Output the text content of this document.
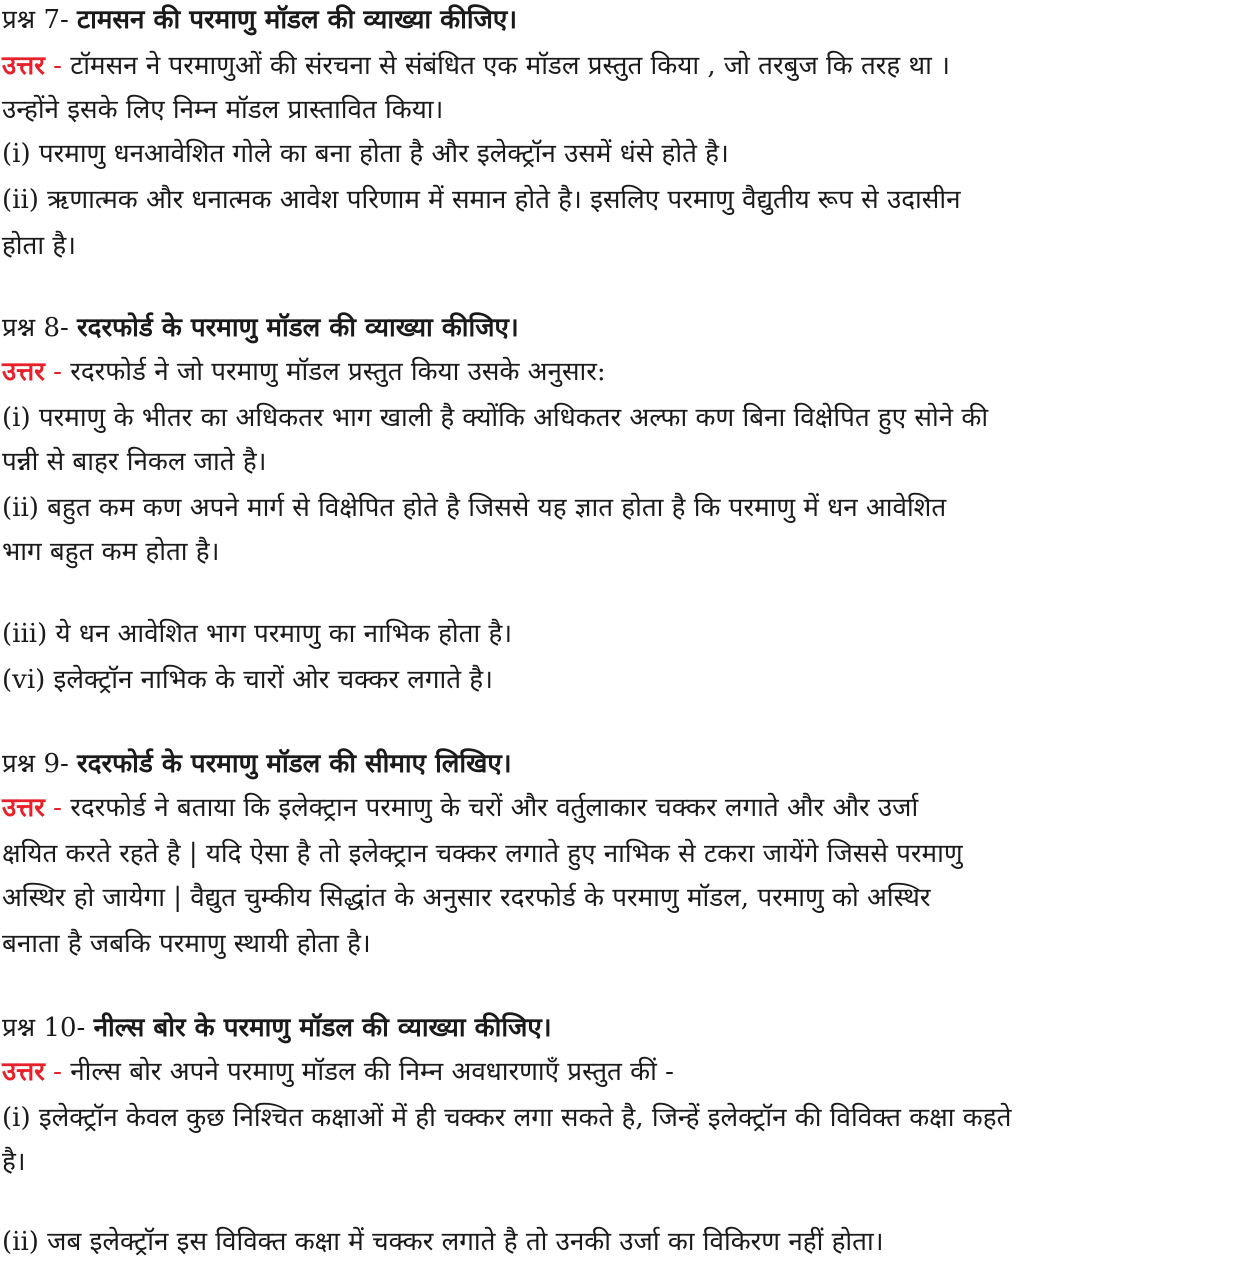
प्रश्न 7- टामसन की परमाणु मॉडल की व्याख्या कीजिए।
उत्तर - टॉमसन ने परमाणुओं की संरचना से संबंधित एक मॉडल प्रस्तुत किया , जो तरबुज कि तरह था ।
उन्होंने इसके लिए निम्न मॉडल प्रास्तावित किया।
(i) परमाणु धनआवेशित गोले का बना होता है और इलेक्ट्रॉन उसमें धंसे होते है।
(ii) ऋणात्मक और धनात्मक आवेश परिणाम में समान होते है। इसलिए परमाणु वैद्युतीय रूप से उदासीन
होता है।
प्रश्न 8- रदरफोर्ड के परमाणु मॉडल की व्याख्या कीजिए।
उत्तर - रदरफोर्ड ने जो परमाणु मॉडल प्रस्तुत किया उसके अनुसार:
(i) परमाणु के भीतर का अधिकतर भाग खाली है क्योंकि अधिकतर अल्फा कण बिना विक्षेपित हुए सोने की
पन्नी से बाहर निकल जाते है।
(ii) बहुत कम कण अपने मार्ग से विक्षेपित होते है जिससे यह ज्ञात होता है कि परमाणु में धन आवेशित
भाग बहुत कम होता है।
(iii) ये धन आवेशित भाग परमाणु का नाभिक होता है।
(vi) इलेक्ट्रॉन नाभिक के चारों ओर चक्कर लगाते है।
प्रश्न 9- रदरफोर्ड के परमाणु मॉडल की सीमाए लिखिए।
उत्तर - रदरफोर्ड ने बताया कि इलेक्ट्रान परमाणु के चरों और वर्तुलाकार चक्कर लगाते और और उर्जा
क्षयित करते रहते है | यदि ऐसा है तो इलेक्ट्रान चक्कर लगाते हुए नाभिक से टकरा जायेंगे जिससे परमाणु
अस्थिर हो जायेगा | वैद्युत चुम्कीय सिद्धांत के अनुसार रदरफोर्ड के परमाणु मॉडल, परमाणु को अस्थिर
बनाता है जबकि परमाणु स्थायी होता है।
प्रश्न 10- नील्स बोर के परमाणु मॉडल की व्याख्या कीजिए।
उत्तर - नील्स बोर अपने परमाणु मॉडल की निम्न अवधारणाएँ प्रस्तुत कीं -
(i) इलेक्ट्रॉन केवल कुछ निश्चित कक्षाओं में ही चक्कर लगा सकते है, जिन्हें इलेक्ट्रॉन की विविक्त कक्षा कहते
है।
(ii) जब इलेक्ट्रॉन इस विविक्त कक्षा में चक्कर लगाते है तो उनकी उर्जा का विकिरण नहीं होता।
